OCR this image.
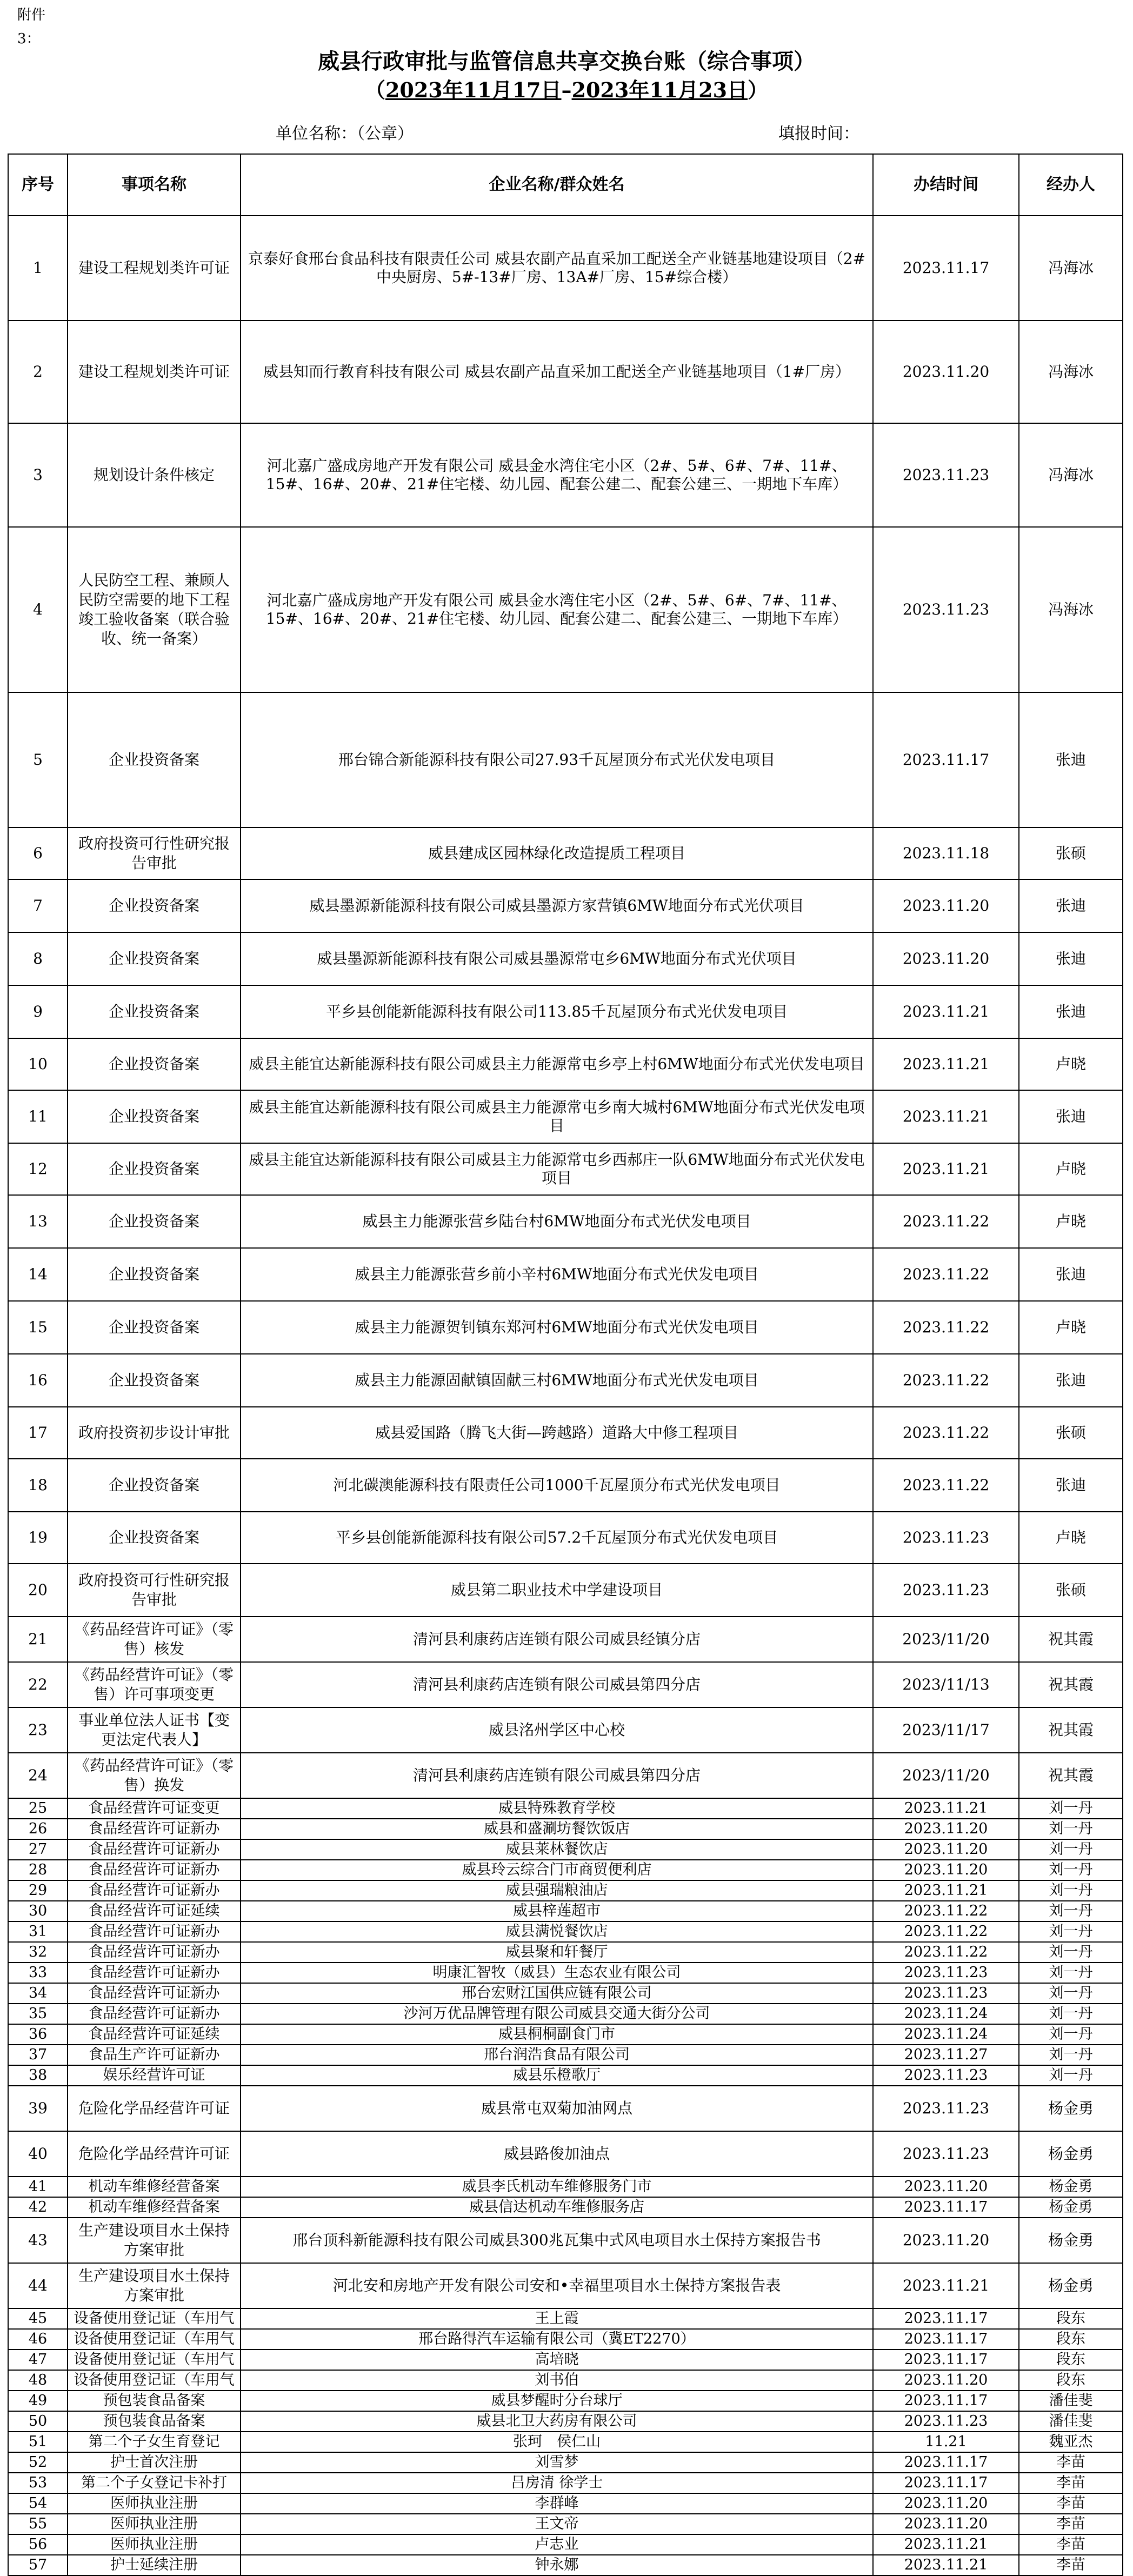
附件3：
威县行政审批与监管信息共享交换台账（综合事项）
（2023年11月17日–2023年11月23日）
单位名称：（公章）	填报时间：
序号	事项名称	企业名称/群众姓名	办结时间	经办人
1	建设工程规划类许可证	京泰好食邢台食品科技有限责任公司 威县农副产品直采加工配送全产业链基地建设项目（2#中央厨房、5#-13#厂房、13A#厂房、15#综合楼）	2023.11.17	冯海冰
2	建设工程规划类许可证	威县知而行教育科技有限公司 威县农副产品直采加工配送全产业链基地项目（1#厂房）	2023.11.20	冯海冰
3	规划设计条件核定	河北嘉广盛成房地产开发有限公司 威县金水湾住宅小区（2#、5#、6#、7#、11#、15#、16#、20#、21#住宅楼、幼儿园、配套公建二、配套公建三、一期地下车库）	2023.11.23	冯海冰
4	人民防空工程、兼顾人民防空需要的地下工程竣工验收备案（联合验收、统一备案）	河北嘉广盛成房地产开发有限公司 威县金水湾住宅小区（2#、5#、6#、7#、11#、15#、16#、20#、21#住宅楼、幼儿园、配套公建二、配套公建三、一期地下车库）	2023.11.23	冯海冰
5	企业投资备案	邢台锦合新能源科技有限公司27.93千瓦屋顶分布式光伏发电项目	2023.11.17	张迪
6	政府投资可行性研究报告审批	威县建成区园林绿化改造提质工程项目	2023.11.18	张硕
7	企业投资备案	威县墨源新能源科技有限公司威县墨源方家营镇6MW地面分布式光伏项目	2023.11.20	张迪
8	企业投资备案	威县墨源新能源科技有限公司威县墨源常屯乡6MW地面分布式光伏项目	2023.11.20	张迪
9	企业投资备案	平乡县创能新能源科技有限公司113.85千瓦屋顶分布式光伏发电项目	2023.11.21	张迪
10	企业投资备案	威县主能宜达新能源科技有限公司威县主力能源常屯乡亭上村6MW地面分布式光伏发电项目	2023.11.21	卢晓
11	企业投资备案	威县主能宜达新能源科技有限公司威县主力能源常屯乡南大城村6MW地面分布式光伏发电项目	2023.11.21	张迪
12	企业投资备案	威县主能宜达新能源科技有限公司威县主力能源常屯乡西郝庄一队6MW地面分布式光伏发电项目	2023.11.21	卢晓
13	企业投资备案	威县主力能源张营乡陆台村6MW地面分布式光伏发电项目	2023.11.22	卢晓
14	企业投资备案	威县主力能源张营乡前小辛村6MW地面分布式光伏发电项目	2023.11.22	张迪
15	企业投资备案	威县主力能源贺钊镇东郑河村6MW地面分布式光伏发电项目	2023.11.22	卢晓
16	企业投资备案	威县主力能源固献镇固献三村6MW地面分布式光伏发电项目	2023.11.22	张迪
17	政府投资初步设计审批	威县爱国路（腾飞大街—跨越路）道路大中修工程项目	2023.11.22	张硕
18	企业投资备案	河北碳澳能源科技有限责任公司1000千瓦屋顶分布式光伏发电项目	2023.11.22	张迪
19	企业投资备案	平乡县创能新能源科技有限公司57.2千瓦屋顶分布式光伏发电项目	2023.11.23	卢晓
20	政府投资可行性研究报告审批	威县第二职业技术中学建设项目	2023.11.23	张硕
21	《药品经营许可证》（零售）核发	清河县利康药店连锁有限公司威县经镇分店	2023/11/20	祝其霞
22	《药品经营许可证》（零售）许可事项变更	清河县利康药店连锁有限公司威县第四分店	2023/11/13	祝其霞
23	事业单位法人证书【变更法定代表人】	威县洺州学区中心校	2023/11/17	祝其霞
24	《药品经营许可证》（零售）换发	清河县利康药店连锁有限公司威县第四分店	2023/11/20	祝其霞
25	食品经营许可证变更	威县特殊教育学校	2023.11.21	刘一丹
26	食品经营许可证新办	威县和盛涮坊餐饮饭店	2023.11.20	刘一丹
27	食品经营许可证新办	威县莱林餐饮店	2023.11.20	刘一丹
28	食品经营许可证新办	威县玲云综合门市商贸便利店	2023.11.20	刘一丹
29	食品经营许可证新办	威县强瑞粮油店	2023.11.21	刘一丹
30	食品经营许可证延续	威县梓莲超市	2023.11.22	刘一丹
31	食品经营许可证新办	威县满悦餐饮店	2023.11.22	刘一丹
32	食品经营许可证新办	威县聚和轩餐厅	2023.11.22	刘一丹
33	食品经营许可证新办	明康汇智牧（威县）生态农业有限公司	2023.11.23	刘一丹
34	食品经营许可证新办	邢台宏财江国供应链有限公司	2023.11.23	刘一丹
35	食品经营许可证新办	沙河万优品牌管理有限公司威县交通大街分公司	2023.11.24	刘一丹
36	食品经营许可证延续	威县桐桐副食门市	2023.11.24	刘一丹
37	食品生产许可证新办	邢台润浩食品有限公司	2023.11.27	刘一丹
38	娱乐经营许可证	威县乐橙歌厅	2023.11.23	刘一丹
39	危险化学品经营许可证	威县常屯双菊加油网点	2023.11.23	杨金勇
40	危险化学品经营许可证	威县路俊加油点	2023.11.23	杨金勇
41	机动车维修经营备案	威县李氏机动车维修服务门市	2023.11.20	杨金勇
42	机动车维修经营备案	威县信达机动车维修服务店	2023.11.17	杨金勇
43	生产建设项目水土保持方案审批	邢台顶科新能源科技有限公司威县300兆瓦集中式风电项目水土保持方案报告书	2023.11.20	杨金勇
44	生产建设项目水土保持方案审批	河北安和房地产开发有限公司安和•幸福里项目水土保持方案报告表	2023.11.21	杨金勇
45	设备使用登记证（车用气	王上霞	2023.11.17	段东
46	设备使用登记证（车用气	邢台路得汽车运输有限公司（冀ET2270）	2023.11.17	段东
47	设备使用登记证（车用气	高培晓	2023.11.17	段东
48	设备使用登记证（车用气	刘书伯	2023.11.20	段东
49	预包装食品备案	威县梦醒时分台球厅	2023.11.17	潘佳斐
50	预包装食品备案	威县北卫大药房有限公司	2023.11.23	潘佳斐
51	第二个子女生育登记	张珂　侯仁山	11.21	魏亚杰
52	护士首次注册	刘雪梦	2023.11.17	李苗
53	第二个子女登记卡补打	吕房清 徐学士	2023.11.17	李苗
54	医师执业注册	李群峰	2023.11.20	李苗
55	医师执业注册	王文帝	2023.11.20	李苗
56	医师执业注册	卢志业	2023.11.21	李苗
57	护士延续注册	钟永娜	2023.11.21	李苗
